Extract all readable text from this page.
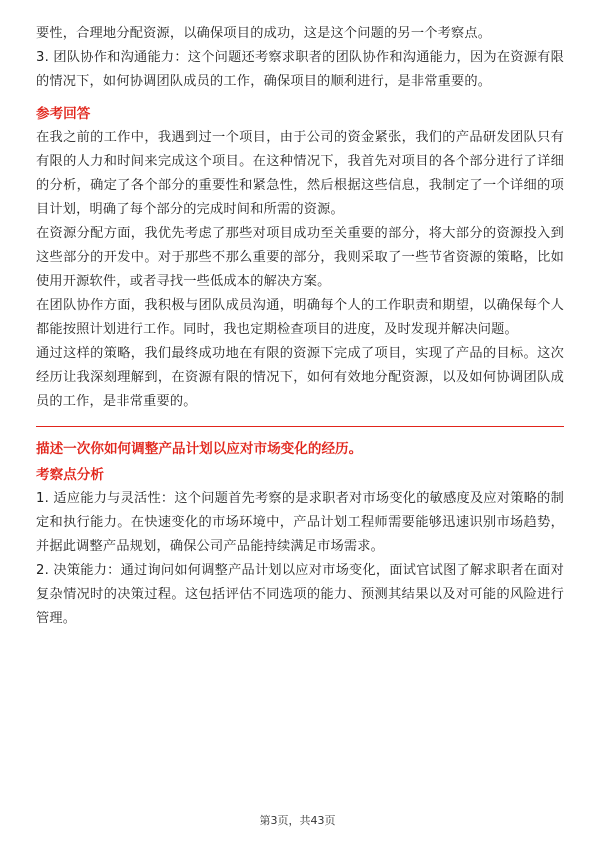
要性，合理地分配资源，以确保项目的成功，这是这个问题的另一个考察点。

3. 团队协作和沟通能力：这个问题还考察求职者的团队协作和沟通能力，因为在资源有限的情况下，如何协调团队成员的工作，确保项目的顺利进行，是非常重要的。

参考回答

在我之前的工作中，我遇到过一个项目，由于公司的资金紧张，我们的产品研发团队只有有限的人力和时间来完成这个项目。在这种情况下，我首先对项目的各个部分进行了详细的分析，确定了各个部分的重要性和紧急性，然后根据这些信息，我制定了一个详细的项目计划，明确了每个部分的完成时间和所需的资源。

在资源分配方面，我优先考虑了那些对项目成功至关重要的部分，将大部分的资源投入到这些部分的开发中。对于那些不那么重要的部分，我则采取了一些节省资源的策略，比如使用开源软件，或者寻找一些低成本的解决方案。

在团队协作方面，我积极与团队成员沟通，明确每个人的工作职责和期望，以确保每个人都能按照计划进行工作。同时，我也定期检查项目的进度，及时发现并解决问题。

通过这样的策略，我们最终成功地在有限的资源下完成了项目，实现了产品的目标。这次经历让我深刻理解到，在资源有限的情况下，如何有效地分配资源，以及如何协调团队成员的工作，是非常重要的。

描述一次你如何调整产品计划以应对市场变化的经历。

考察点分析

1. 适应能力与灵活性：这个问题首先考察的是求职者对市场变化的敏感度及应对策略的制定和执行能力。在快速变化的市场环境中，产品计划工程师需要能够迅速识别市场趋势，并据此调整产品规划，确保公司产品能持续满足市场需求。

2. 决策能力：通过询问如何调整产品计划以应对市场变化，面试官试图了解求职者在面对复杂情况时的决策过程。这包括评估不同选项的能力、预测其结果以及对可能的风险进行管理。

第3页，共43页
